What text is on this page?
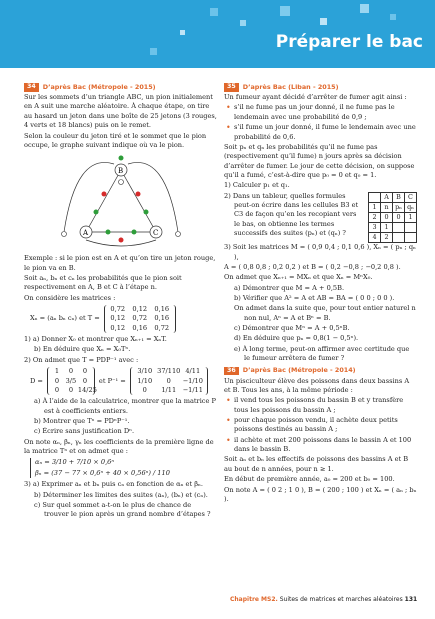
Préparer le bac
34	D’après Bac (Métropole - 2015)

Sur les sommets d’un triangle ABC, un pion initialement en A suit une marche aléatoire. À chaque étape, on tire au hasard un jeton dans une boîte de 25 jetons (3 rouges, 4 verts et 18 blancs) puis on le remet.

Selon la couleur du jeton tiré et le sommet que le pion occupe, le graphe suivant indique où va le pion.

B
A	C

Exemple : si le pion est en A et qu’on tire un jeton rouge, le pion va en B.

Soit aₙ, bₙ et cₙ les probabilités que le pion soit respectivement en A, B et C à l’étape n.

On considère les matrices :

Xₙ = (aₙ bₙ cₙ) et T =
0,72	0,12	0,16
0,12	0,72	0,16
0,12	0,16	0,72

1) a) Donner X₀ et montrer que Xₙ₊₁ = XₙT.

b) En déduire que Xₙ = X₀Tⁿ.

2) On admet que T = PDP⁻¹ avec :

D =
1	0	0
0 3/5 0
0	0 14/25
et P⁻¹ =
3/10 37/110 4/11
1/10	0	−1/10
0	1/11 −1/11

a) À l’aide de la calculatrice, montrer que la matrice P est à coefficients entiers.

b) Montrer que Tⁿ = PDⁿP⁻¹.

c) Écrire sans justification Dⁿ.

On note αₙ, βₙ, γₙ les coefficients de la première ligne de la matrice Tⁿ et on admet que :

αₙ = 3/10 + 7/10 × 0,6ⁿ

βₙ = (37 − 77 × 0,6ⁿ + 40 × 0,56ⁿ) / 110

3) a) Exprimer aₙ et bₙ puis cₙ en fonction de αₙ et βₙ.

b) Déterminer les limites des suites (aₙ), (bₙ) et (cₙ).

c) Sur quel sommet a-t-on le plus de chance de trouver le pion après un grand nombre d’étapes ?

35	D’après Bac (Liban - 2015)

Un fumeur ayant décidé d’arrêter de fumer agit ainsi :

• s’il ne fume pas un jour donné, il ne fume pas le lendemain avec une probabilité de 0,9 ;

• s’il fume un jour donné, il fume le lendemain avec une probabilité de 0,6.

Soit pₙ et qₙ les probabilités qu’il ne fume pas (respectivement qu’il fume) n jours après sa décision d’arrêter de fumer. Le jour de cette décision, on suppose qu’il a fumé, c’est-à-dire que p₀ = 0 et q₀ = 1.

1) Calculer p₁ et q₁.

2) Dans un tableur, quelles formules peut-on écrire dans les cellules B3 et C3 de façon qu’en les recopiant vers le bas, on obtienne les termes successifs des suites (pₙ) et (qₙ) ?

	A	B	C
1	n	pₙ	qₙ
2	0	0	1
3	1		
4	2		

3) Soit les matrices M = ( 0,9 0,4 ; 0,1 0,6 ), Xₙ = ( pₙ ; qₙ ),

A = ( 0,8 0,8 ; 0,2 0,2 ) et B = ( 0,2 −0,8 ; −0,2 0,8 ).

On admet que Xₙ₊₁ = MXₙ et que Xₙ = MⁿX₀.

a) Démontrer que M = A + 0,5B.

b) Vérifier que A² = A et AB = BA = ( 0 0 ; 0 0 ).

On admet dans la suite que, pour tout entier naturel n non nul, Aⁿ = A et Bⁿ = B.

c) Démontrer que Mⁿ = A + 0,5ⁿB.

d) En déduire que pₙ = 0,8(1 − 0,5ⁿ).

e) À long terme, peut-on affirmer avec certitude que le fumeur arrêtera de fumer ?

36	D’après Bac (Métropole - 2014)

Un pisciculteur élève des poissons dans deux bassins A et B. Tous les ans, à la même période :

• il vend tous les poissons du bassin B et y transfère tous les poissons du bassin A ;

• pour chaque poisson vendu, il achète deux petits poissons destinés au bassin A ;

• il achète et met 200 poissons dans le bassin A et 100 dans le bassin B.

Soit aₙ et bₙ les effectifs de poissons des bassins A et B au bout de n années, pour n ≥ 1.

En début de première année, a₀ = 200 et b₀ = 100.

On note A = ( 0 2 ; 1 0 ), B = ( 200 ; 100 ) et Xₙ = ( aₙ ; bₙ ).

Chapitre MS2. Suites de matrices et marches aléatoires 131
